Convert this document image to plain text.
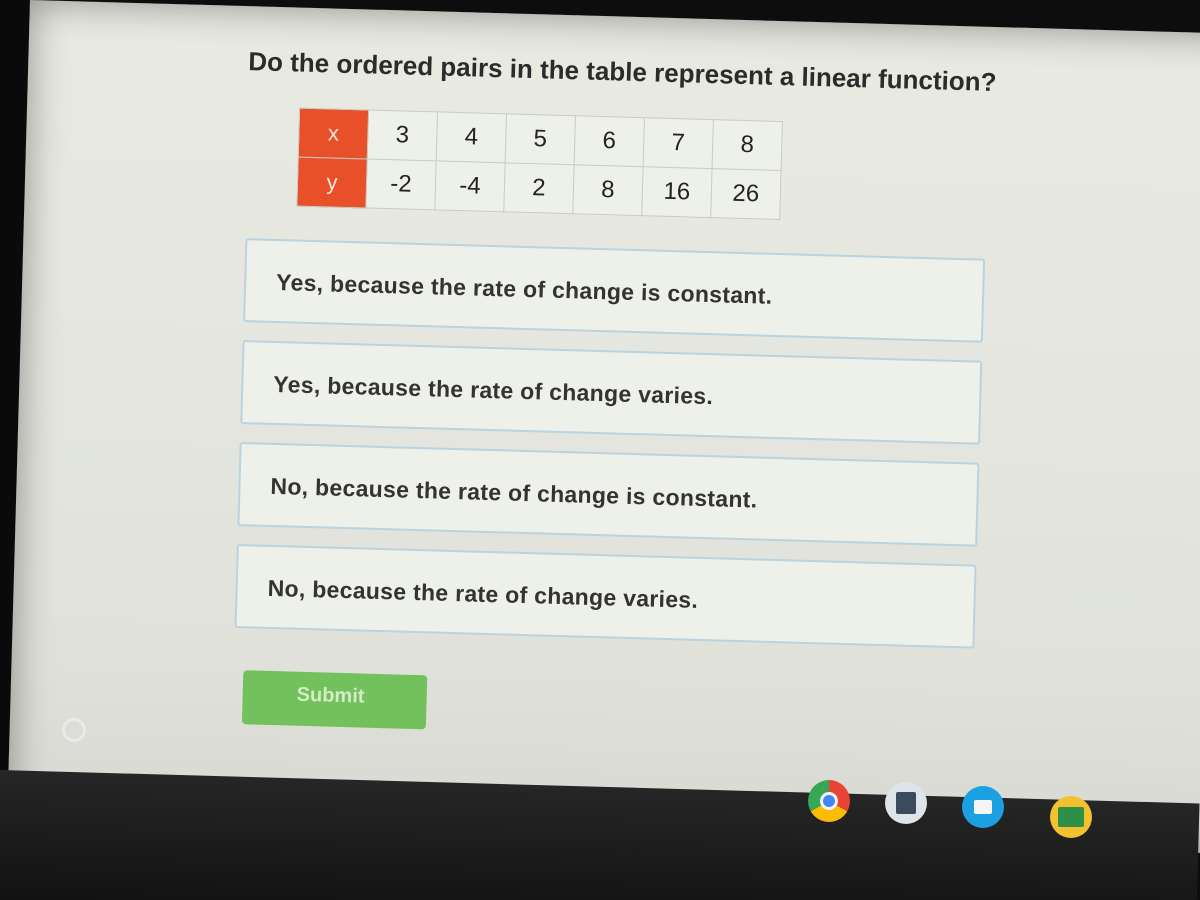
Do the ordered pairs in the table represent a linear function?
x	3	4	5	6	7	8
y	-2	-4	2	8	16	26
Yes, because the rate of change is constant.
Yes, because the rate of change varies.
No, because the rate of change is constant.
No, because the rate of change varies.
Submit
